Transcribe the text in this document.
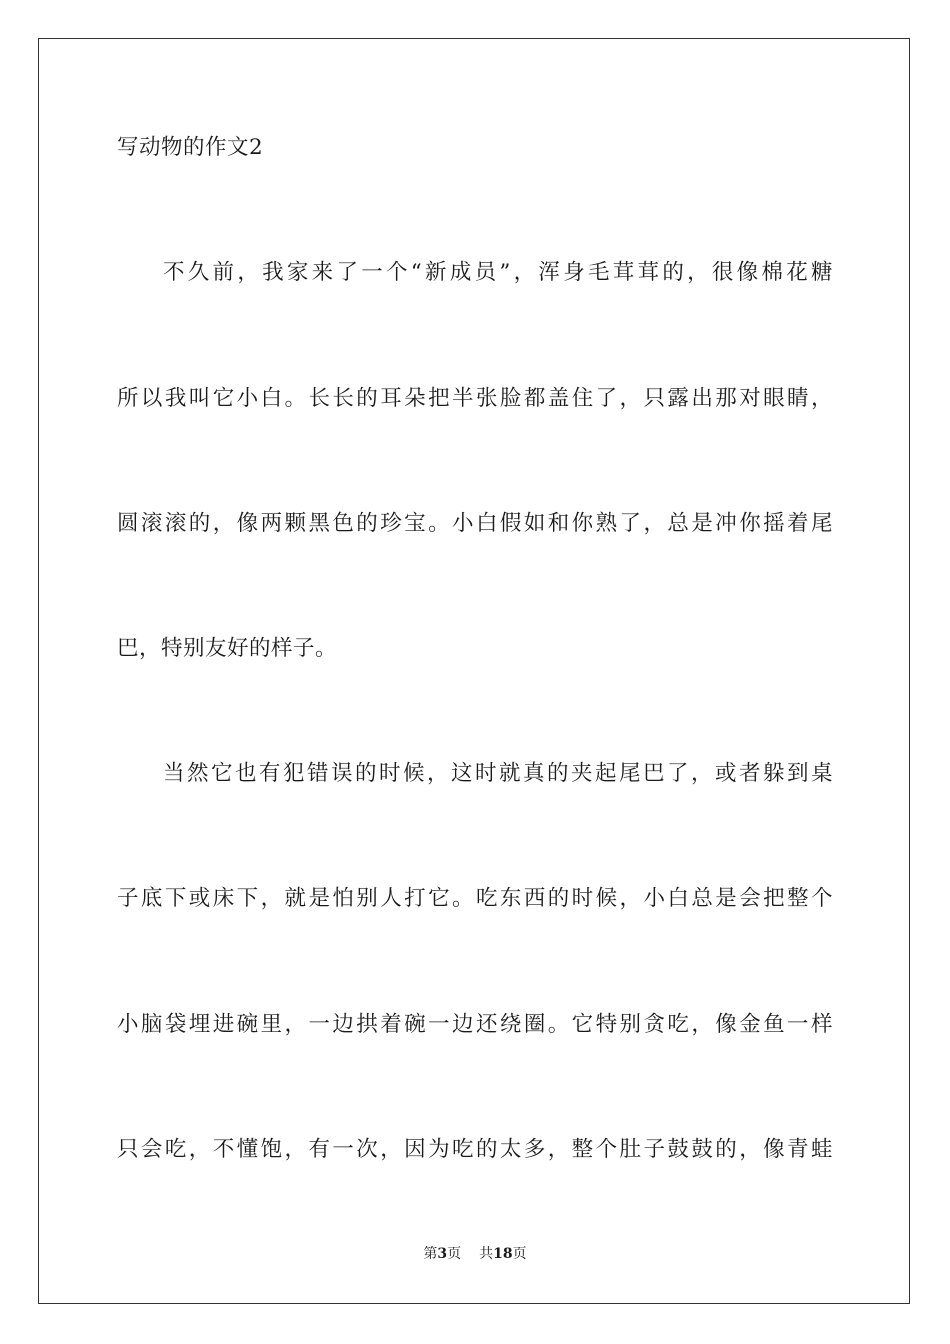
写动物的作文2
不久前，我家来了一个“新成员”，浑身毛茸茸的，很像棉花糖
所以我叫它小白。长长的耳朵把半张脸都盖住了，只露出那对眼睛，
圆滚滚的，像两颗黑色的珍宝。小白假如和你熟了，总是冲你摇着尾
巴，特别友好的样子。
当然它也有犯错误的时候，这时就真的夹起尾巴了，或者躲到桌
子底下或床下，就是怕别人打它。吃东西的时候，小白总是会把整个
小脑袋埋进碗里，一边拱着碗一边还绕圈。它特别贪吃，像金鱼一样
只会吃，不懂饱，有一次，因为吃的太多，整个肚子鼓鼓的，像青蛙
第3页 共18页
